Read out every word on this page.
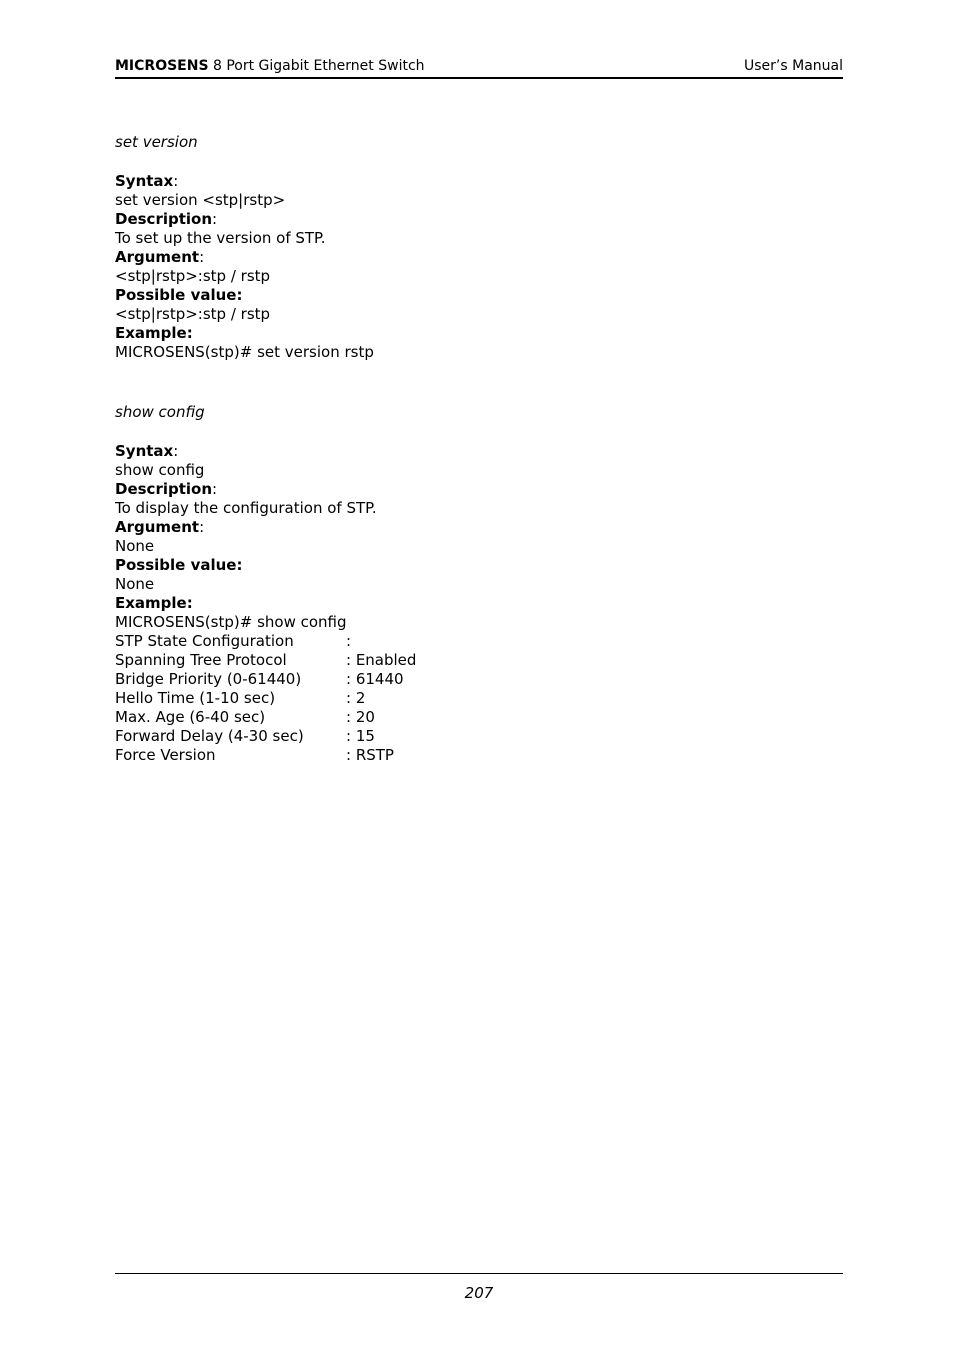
MICROSENS 8 Port Gigabit Ethernet Switch	User’s Manual
set version
Syntax:
set version <stp|rstp>
Description:
To set up the version of STP.
Argument:
<stp|rstp>:stp / rstp
Possible value:
<stp|rstp>:stp / rstp
Example:
MICROSENS(stp)# set version rstp
show config
Syntax:
show config
Description:
To display the configuration of STP.
Argument:
None
Possible value:
None
Example:
MICROSENS(stp)# show config
STP State Configuration	:
Spanning Tree Protocol	: Enabled
Bridge Priority (0-61440)	: 61440
Hello Time (1-10 sec)	: 2
Max. Age (6-40 sec)	: 20
Forward Delay (4-30 sec)	: 15
Force Version	: RSTP
207
